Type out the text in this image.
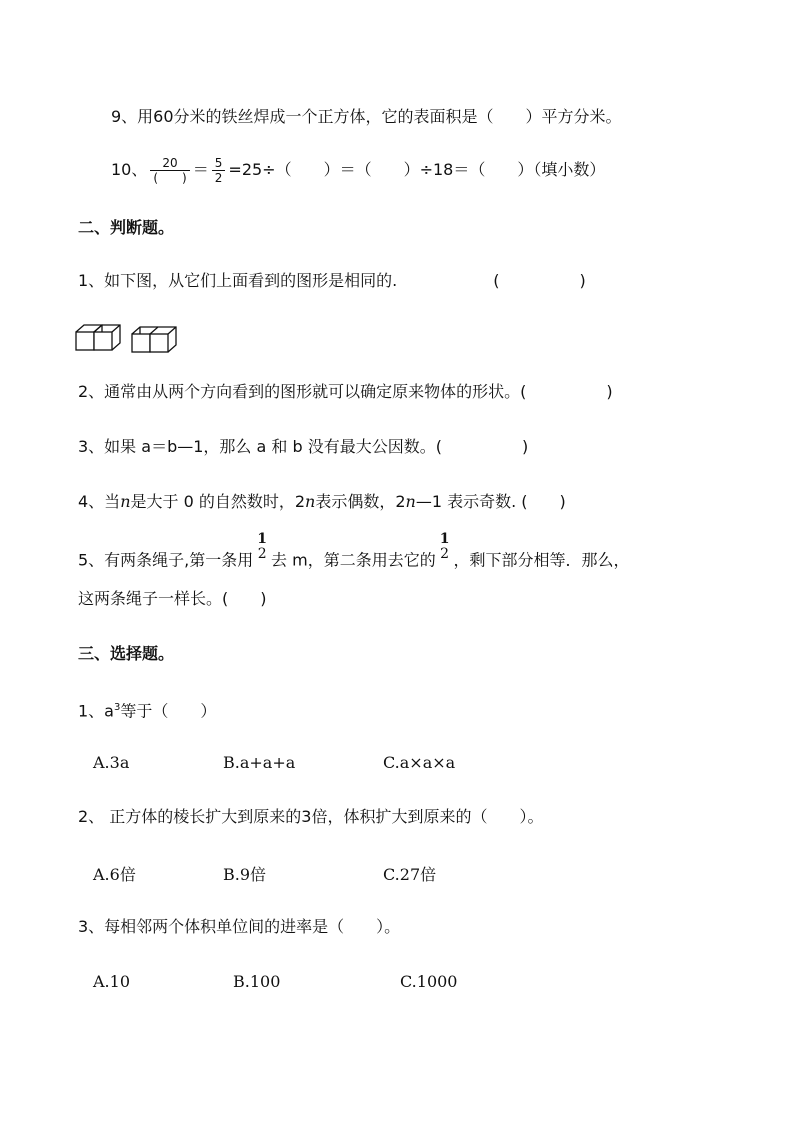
9、用60分米的铁丝焊成一个正方体，它的表面积是（　　）平方分米。
10、 $\frac{20}{( )} = \frac{5}{2} =25\div$（　　）＝（　　）÷18＝（　　）（填小数）
二、判断题。
1、如下图，从它们上面看到的图形是相同的.　　　　　　(　　　　　)
2、通常由从两个方向看到的图形就可以确定原来物体的形状。(　　　　　)
3、如果 a＝b—1，那么 a 和 b 没有最大公因数。(　　　　　)
4、当n是大于 0 的自然数时，2n表示偶数，2n—1 表示奇数. (　　)
5、有两条绳子,第一条用
1
2 去 m，第二条用去它的
1
2 ，剩下部分相等．那么，
这两条绳子一样长。(　　)
三、选择题。
1、$a^3$等于（　　）
A.3a	B.a+a+a	C.a×a×a
2、 正方体的棱长扩大到原来的3倍，体积扩大到原来的（　　）。
A.6倍	B.9倍	C.27倍
3、每相邻两个体积单位间的进率是（　　）。
A.10	B.100	C.1000
